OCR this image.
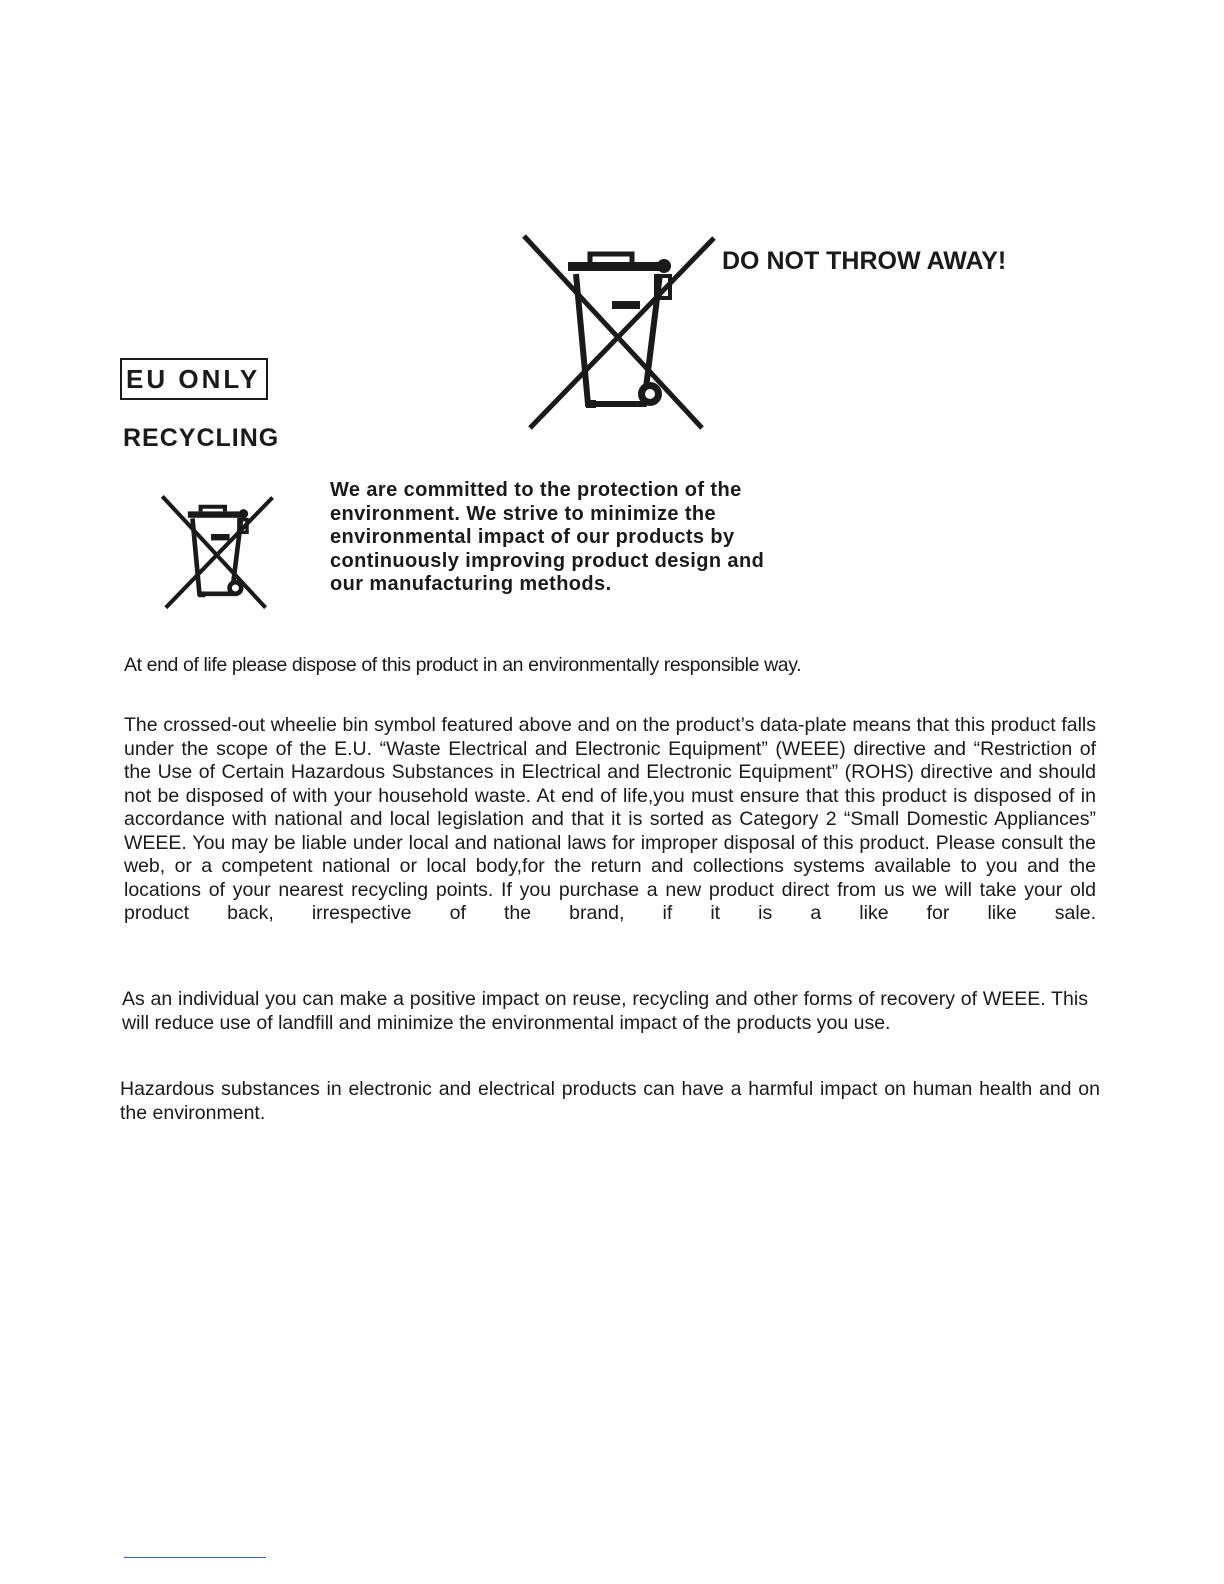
DO NOT THROW AWAY!
EU ONLY
RECYCLING
We are committed to the protection of the environment. We strive to minimize the environmental impact of our products by continuously improving product design and our manufacturing methods.
At end of life please dispose of this product in an environmentally responsible way.
The crossed-out wheelie bin symbol featured above and on the product’s data-plate means that this product falls under the scope of the E.U. “Waste Electrical and Electronic Equipment” (WEEE) directive and “Restriction of the Use of Certain Hazardous Substances in Electrical and Electronic Equipment” (ROHS) directive and should not be disposed of with your household waste. At end of life,you must ensure that this product is disposed of in accordance with national and local legislation and that it is sorted as Category 2 “Small Domestic Appliances” WEEE. You may be liable under local and national laws for improper disposal of this product. Please consult the web, or a competent national or local body,for the return and collections systems available to you and the locations of your nearest recycling points. If you purchase a new product direct from us we will take your old product back, irrespective of the brand, if it is a like for like sale.
As an individual you can make a positive impact on reuse, recycling and other forms of recovery of WEEE. This will reduce use of landfill and minimize the environmental impact of the products you use.
Hazardous substances in electronic and electrical products can have a harmful impact on human health and on the environment.
